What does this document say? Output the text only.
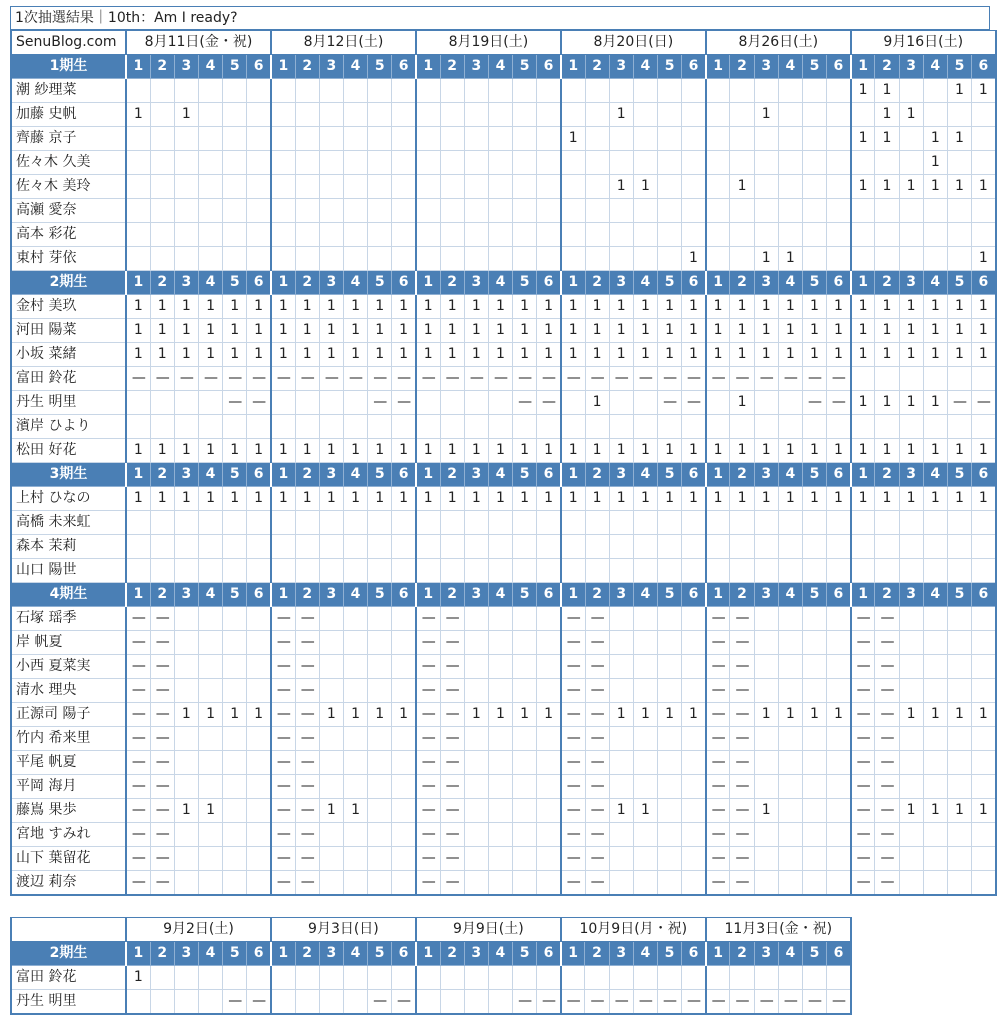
1次抽選結果｜10th：Am I ready?
SenuBlog.com	8月11日(金・祝)						8月12日(土)						8月19日(土)						8月20日(日)						8月26日(土)						9月16日(土)					
1期生	1	2	3	4	5	6	1	2	3	4	5	6	1	2	3	4	5	6	1	2	3	4	5	6	1	2	3	4	5	6	1	2	3	4	5	6
潮 紗理菜																															1	1			1	1
加藤 史帆	1		1																		1						1					1	1			
齊藤 京子																			1												1	1		1	1	
佐々木 久美																																		1		
佐々木 美玲																					1	1				1					1	1	1	1	1	1
高瀬 愛奈																																				
高本 彩花																																				
東村 芽依																								1			1	1								1
2期生	1	2	3	4	5	6	1	2	3	4	5	6	1	2	3	4	5	6	1	2	3	4	5	6	1	2	3	4	5	6	1	2	3	4	5	6
金村 美玖	1	1	1	1	1	1	1	1	1	1	1	1	1	1	1	1	1	1	1	1	1	1	1	1	1	1	1	1	1	1	1	1	1	1	1	1
河田 陽菜	1	1	1	1	1	1	1	1	1	1	1	1	1	1	1	1	1	1	1	1	1	1	1	1	1	1	1	1	1	1	1	1	1	1	1	1
小坂 菜緒	1	1	1	1	1	1	1	1	1	1	1	1	1	1	1	1	1	1	1	1	1	1	1	1	1	1	1	1	1	1	1	1	1	1	1	1
富田 鈴花	—	—	—	—	—	—	—	—	—	—	—	—	—	—	—	—	—	—	—	—	—	—	—	—	—	—	—	—	—	—						
丹生 明里					—	—					—	—					—	—		1			—	—		1			—	—	1	1	1	1	—	—
濱岸 ひより																																				
松田 好花	1	1	1	1	1	1	1	1	1	1	1	1	1	1	1	1	1	1	1	1	1	1	1	1	1	1	1	1	1	1	1	1	1	1	1	1
3期生	1	2	3	4	5	6	1	2	3	4	5	6	1	2	3	4	5	6	1	2	3	4	5	6	1	2	3	4	5	6	1	2	3	4	5	6
上村 ひなの	1	1	1	1	1	1	1	1	1	1	1	1	1	1	1	1	1	1	1	1	1	1	1	1	1	1	1	1	1	1	1	1	1	1	1	1
高橋 未来虹																																				
森本 茉莉																																				
山口 陽世																																				
4期生	1	2	3	4	5	6	1	2	3	4	5	6	1	2	3	4	5	6	1	2	3	4	5	6	1	2	3	4	5	6	1	2	3	4	5	6
石塚 瑶季	—	—					—	—					—	—					—	—					—	—					—	—				
岸 帆夏	—	—					—	—					—	—					—	—					—	—					—	—				
小西 夏菜実	—	—					—	—					—	—					—	—					—	—					—	—				
清水 理央	—	—					—	—					—	—					—	—					—	—					—	—				
正源司 陽子	—	—	1	1	1	1	—	—	1	1	1	1	—	—	1	1	1	1	—	—	1	1	1	1	—	—	1	1	1	1	—	—	1	1	1	1
竹内 希来里	—	—					—	—					—	—					—	—					—	—					—	—				
平尾 帆夏	—	—					—	—					—	—					—	—					—	—					—	—				
平岡 海月	—	—					—	—					—	—					—	—					—	—					—	—				
藤嶌 果歩	—	—	1	1			—	—	1	1			—	—					—	—	1	1			—	—	1				—	—	1	1	1	1
宮地 すみれ	—	—					—	—					—	—					—	—					—	—					—	—				
山下 葉留花	—	—					—	—					—	—					—	—					—	—					—	—				
渡辺 莉奈	—	—					—	—					—	—					—	—					—	—					—	—				
	9月2日(土)						9月3日(日)						9月9日(土)						10月9日(月・祝)						11月3日(金・祝)					
2期生	1	2	3	4	5	6	1	2	3	4	5	6	1	2	3	4	5	6	1	2	3	4	5	6	1	2	3	4	5	6
富田 鈴花	1																													
丹生 明里					—	—					—	—					—	—	—	—	—	—	—	—	—	—	—	—	—	—
